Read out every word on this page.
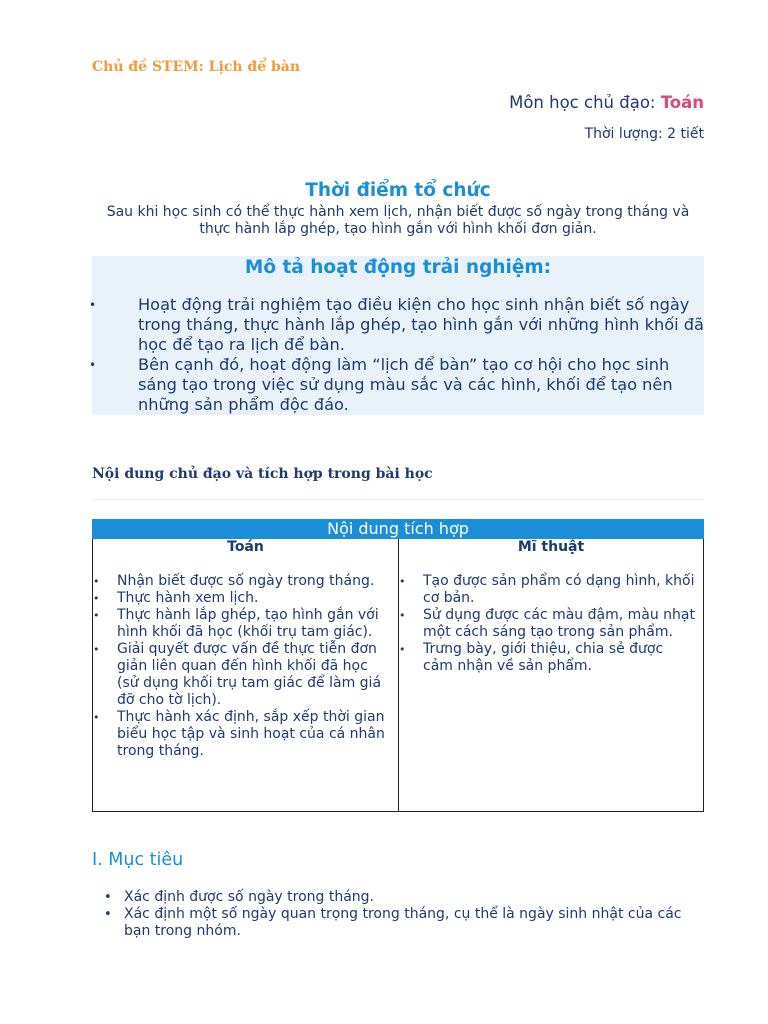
Chủ đề STEM: Lịch để bàn
Môn học chủ đạo: Toán
Thời lượng: 2 tiết
Thời điểm tổ chức
Sau khi học sinh có thể thực hành xem lịch, nhận biết được số ngày trong tháng và thực hành lắp ghép, tạo hình gắn với hình khối đơn giản.
Mô tả hoạt động trải nghiệm:
• Hoạt động trải nghiệm tạo điều kiện cho học sinh nhận biết số ngày trong tháng, thực hành lắp ghép, tạo hình gắn với những hình khối đã học để tạo ra lịch để bàn.
• Bên cạnh đó, hoạt động làm “lịch để bàn” tạo cơ hội cho học sinh sáng tạo trong việc sử dụng màu sắc và các hình, khối để tạo nên những sản phẩm độc đáo.
Nội dung chủ đạo và tích hợp trong bài học
Nội dung tích hợp
Toán
• Nhận biết được số ngày trong tháng.
• Thực hành xem lịch.
• Thực hành lắp ghép, tạo hình gắn với hình khối đã học (khối trụ tam giác).
• Giải quyết được vấn đề thực tiễn đơn giản liên quan đến hình khối đã học (sử dụng khối trụ tam giác để làm giá đỡ cho tờ lịch).
• Thực hành xác định, sắp xếp thời gian biểu học tập và sinh hoạt của cá nhân trong tháng.
Mĩ thuật
• Tạo được sản phẩm có dạng hình, khối cơ bản.
• Sử dụng được các màu đậm, màu nhạt một cách sáng tạo trong sản phẩm.
• Trưng bày, giới thiệu, chia sẻ được cảm nhận về sản phẩm.
I. Mục tiêu
• Xác định được số ngày trong tháng.
• Xác định một số ngày quan trọng trong tháng, cụ thể là ngày sinh nhật của các bạn trong nhóm.
